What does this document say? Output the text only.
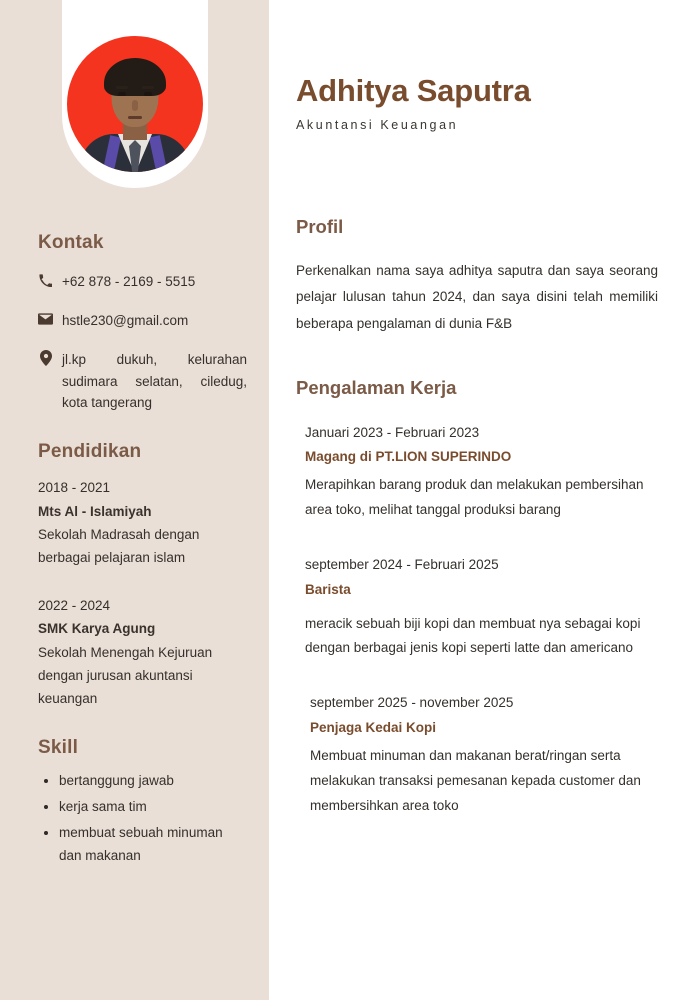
Kontak
+62 878 - 2169 - 5515
hstle230@gmail.com
jl.kp dukuh, kelurahan sudimara selatan, ciledug, kota tangerang
Pendidikan
2018 - 2021
Mts Al - Islamiyah
Sekolah Madrasah dengan berbagai pelajaran islam
2022 - 2024
SMK Karya Agung
Sekolah Menengah Kejuruan dengan jurusan akuntansi keuangan
Skill
bertanggung jawab
kerja sama tim
membuat sebuah minuman dan makanan
Adhitya Saputra
Akuntansi Keuangan
Profil

Perkenalkan nama saya adhitya saputra dan saya seorang pelajar lulusan tahun 2024, dan saya disini telah memiliki beberapa pengalaman di dunia F&B

Pengalaman Kerja
Januari 2023 - Februari 2023
Magang di PT.LION SUPERINDO
Merapihkan barang produk dan melakukan pembersihan area toko, melihat tanggal produksi barang
september 2024 - Februari 2025
Barista
meracik sebuah biji kopi dan membuat nya sebagai kopi dengan berbagai jenis kopi seperti latte dan americano
september 2025 - november 2025
Penjaga Kedai Kopi
Membuat minuman dan makanan berat/ringan serta melakukan transaksi pemesanan kepada customer dan membersihkan area toko
